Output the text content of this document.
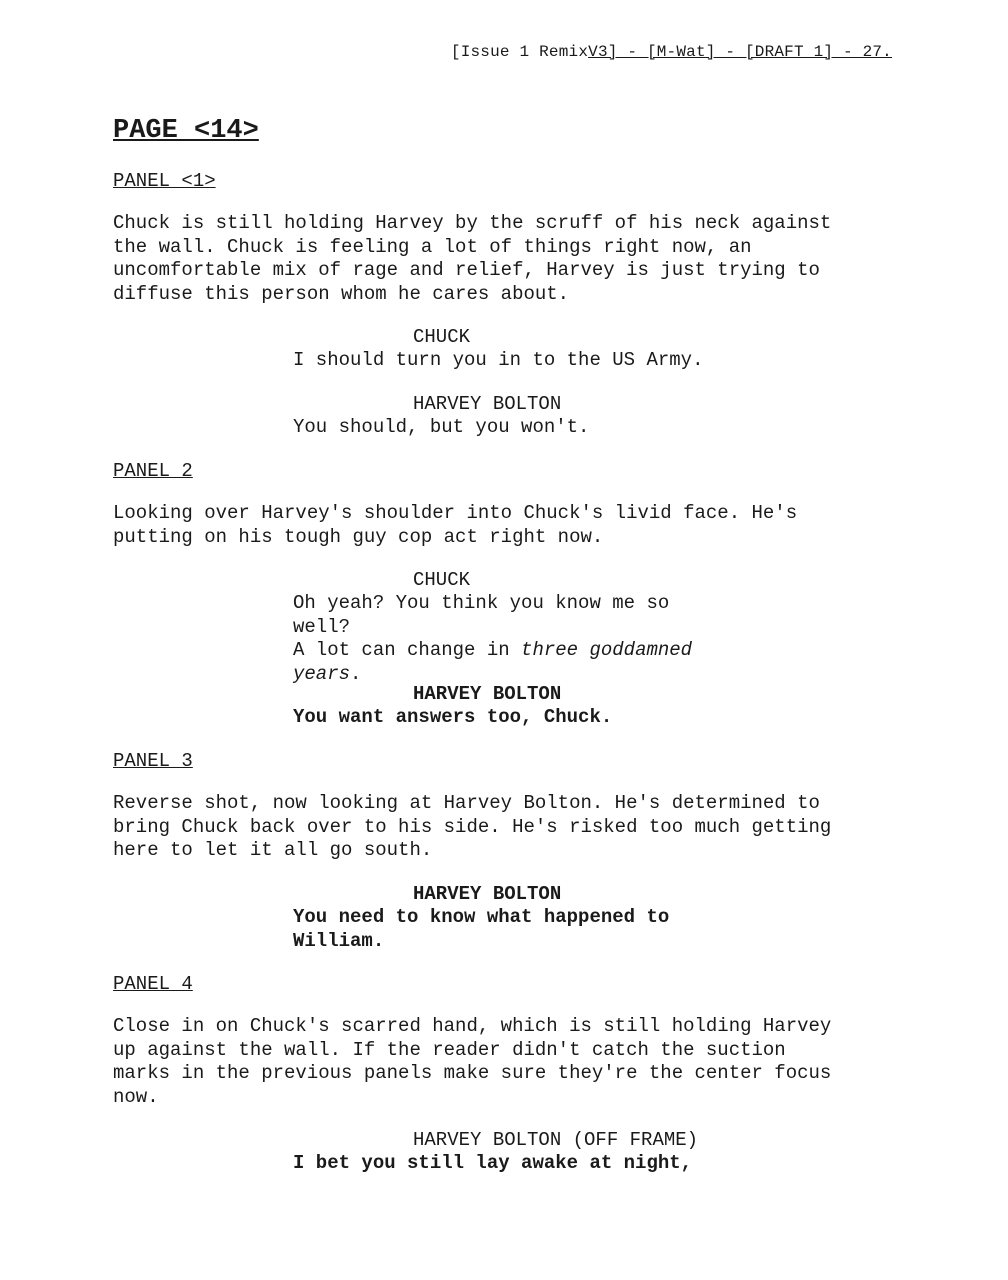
[Issue 1 RemixV3] - [M-Wat] - [DRAFT 1] - 27.
PAGE <14>
PANEL <1>
Chuck is still holding Harvey by the scruff of his neck against
the wall. Chuck is feeling a lot of things right now, an
uncomfortable mix of rage and relief, Harvey is just trying to
diffuse this person whom he cares about.
CHUCK
I should turn you in to the US Army.
HARVEY BOLTON
You should, but you won't.
PANEL 2
Looking over Harvey's shoulder into Chuck's livid face. He's
putting on his tough guy cop act right now.
CHUCK
Oh yeah? You think you know me so well?
A lot can change in three goddamned
years.
HARVEY BOLTON
You want answers too, Chuck.
PANEL 3
Reverse shot, now looking at Harvey Bolton. He's determined to
bring Chuck back over to his side. He's risked too much getting
here to let it all go south.
HARVEY BOLTON
You need to know what happened to
William.
PANEL 4
Close in on Chuck's scarred hand, which is still holding Harvey
up against the wall. If the reader didn't catch the suction
marks in the previous panels make sure they're the center focus
now.
HARVEY BOLTON (OFF FRAME)
I bet you still lay awake at night,
